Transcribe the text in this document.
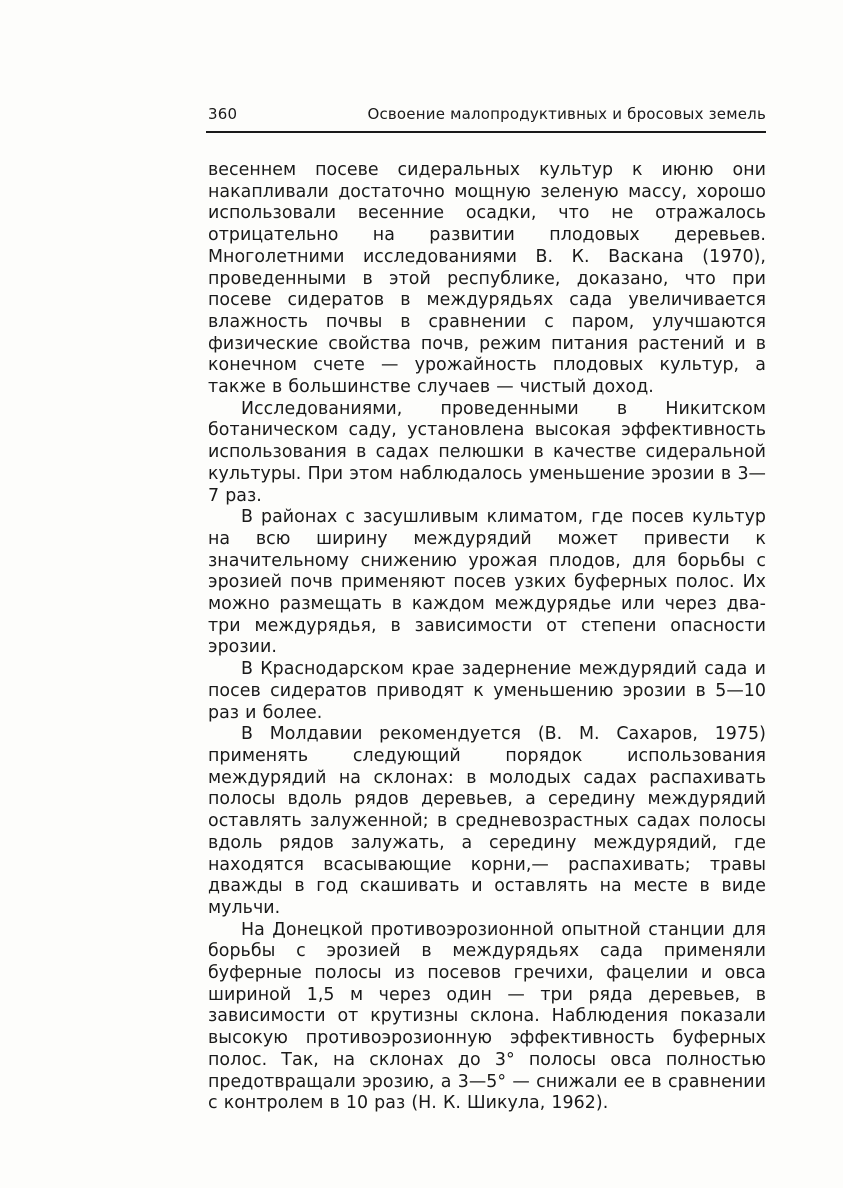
360	Освоение малопродуктивных и бросовых земель

весеннем посеве сидеральных культур к июню они накапливали достаточно мощную зеленую массу, хорошо использовали весенние осадки, что не отражалось отрицательно на развитии плодовых деревьев. Многолетними исследованиями В. К. Васкана (1970), проведенными в этой республике, доказано, что при посеве сидератов в междурядьях сада увеличивается влажность почвы в сравнении с паром, улучшаются физические свойства почв, режим питания растений и в конечном счете — урожайность плодовых культур, а также в большинстве случаев — чистый доход.

Исследованиями, проведенными в Никитском ботаническом саду, установлена высокая эффективность использования в садах пелюшки в качестве сидеральной культуры. При этом наблюдалось уменьшение эрозии в 3—7 раз.

В районах с засушливым климатом, где посев культур на всю ширину междурядий может привести к значительному снижению урожая плодов, для борьбы с эрозией почв применяют посев узких буферных полос. Их можно размещать в каждом междурядье или через два-три междурядья, в зависимости от степени опасности эрозии.

В Краснодарском крае задернение междурядий сада и посев сидератов приводят к уменьшению эрозии в 5—10 раз и более.

В Молдавии рекомендуется (В. М. Сахаров, 1975) применять следующий порядок использования междурядий на склонах: в молодых садах распахивать полосы вдоль рядов деревьев, а середину междурядий оставлять залуженной; в средневозрастных садах полосы вдоль рядов залужать, а середину междурядий, где находятся всасывающие корни,— распахивать; травы дважды в год скашивать и оставлять на месте в виде мульчи.

На Донецкой противоэрозионной опытной станции для борьбы с эрозией в междурядьях сада применяли буферные полосы из посевов гречихи, фацелии и овса шириной 1,5 м через один — три ряда деревьев, в зависимости от крутизны склона. Наблюдения показали высокую противоэрозионную эффективность буферных полос. Так, на склонах до 3° полосы овса полностью предотвращали эрозию, а 3—5° — снижали ее в сравнении с контролем в 10 раз (Н. К. Шикула, 1962).
